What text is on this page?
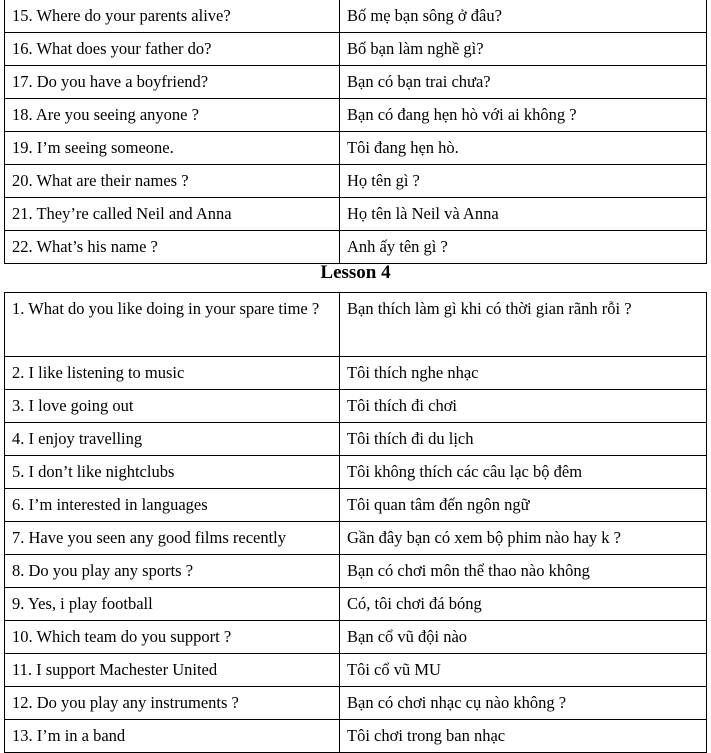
15. Where do your parents alive?	Bố mẹ bạn sông ở đâu?
16. What does your father do?	Bố bạn làm nghề gì?
17. Do you have a boyfriend?	Bạn có bạn trai chưa?
18. Are you seeing anyone ?	Bạn có đang hẹn hò với ai không ?
19. I’m seeing someone.	Tôi đang hẹn hò.
20. What are their names ?	Họ tên gì ?
21. They’re called Neil and Anna	Họ tên là Neil và Anna
22. What’s his name ?	Anh ấy tên gì ?
Lesson 4
1. What do you like doing in your spare time ?	Bạn thích làm gì khi có thời gian rãnh rỗi ?
2. I like listening to music	Tôi thích nghe nhạc
3. I love going out	Tôi thích đi chơi
4. I enjoy travelling	Tôi thích đi du lịch
5. I don’t like nightclubs	Tôi không thích các câu lạc bộ đêm
6. I’m interested in languages	Tôi quan tâm đến ngôn ngữ
7. Have you seen any good films recently	Gần đây bạn có xem bộ phim nào hay k ?
8. Do you play any sports ?	Bạn có chơi môn thể thao nào không
9. Yes, i play football	Có, tôi chơi đá bóng
10. Which team do you support ?	Bạn cổ vũ đội nào
11. I support Machester United	Tôi cổ vũ MU
12. Do you play any instruments ?	Bạn có chơi nhạc cụ nào không ?
13. I’m in a band	Tôi chơi trong ban nhạc
